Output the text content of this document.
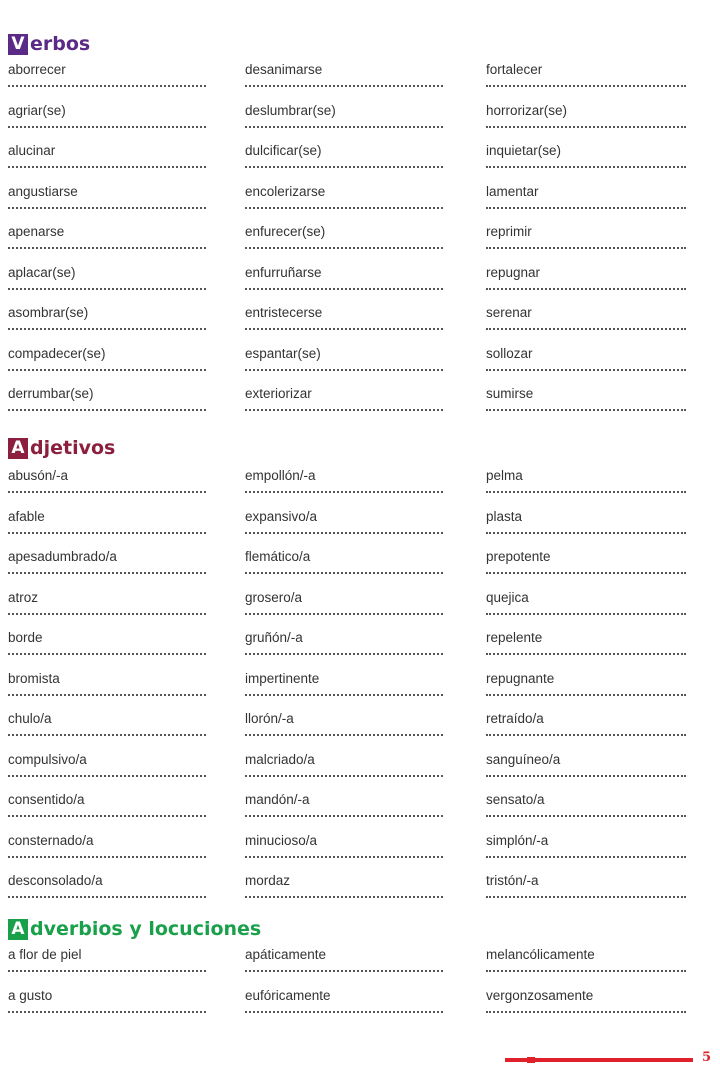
V erbos
aborrecer	desanimarse	fortalecer
agriar(se)	deslumbrar(se)	horrorizar(se)
alucinar	dulcificar(se)	inquietar(se)
angustiarse	encolerizarse	lamentar
apenarse	enfurecer(se)	reprimir
aplacar(se)	enfurruñarse	repugnar
asombrar(se)	entristecerse	serenar
compadecer(se)	espantar(se)	sollozar
derrumbar(se)	exteriorizar	sumirse
A djetivos
abusón/-a	empollón/-a	pelma
afable	expansivo/a	plasta
apesadumbrado/a	flemático/a	prepotente
atroz	grosero/a	quejica
borde	gruñón/-a	repelente
bromista	impertinente	repugnante
chulo/a	llorón/-a	retraído/a
compulsivo/a	malcriado/a	sanguíneo/a
consentido/a	mandón/-a	sensato/a
consternado/a	minucioso/a	simplón/-a
desconsolado/a	mordaz	tristón/-a
A dverbios y locuciones
a flor de piel	apáticamente	melancólicamente
a gusto	eufóricamente	vergonzosamente
5
